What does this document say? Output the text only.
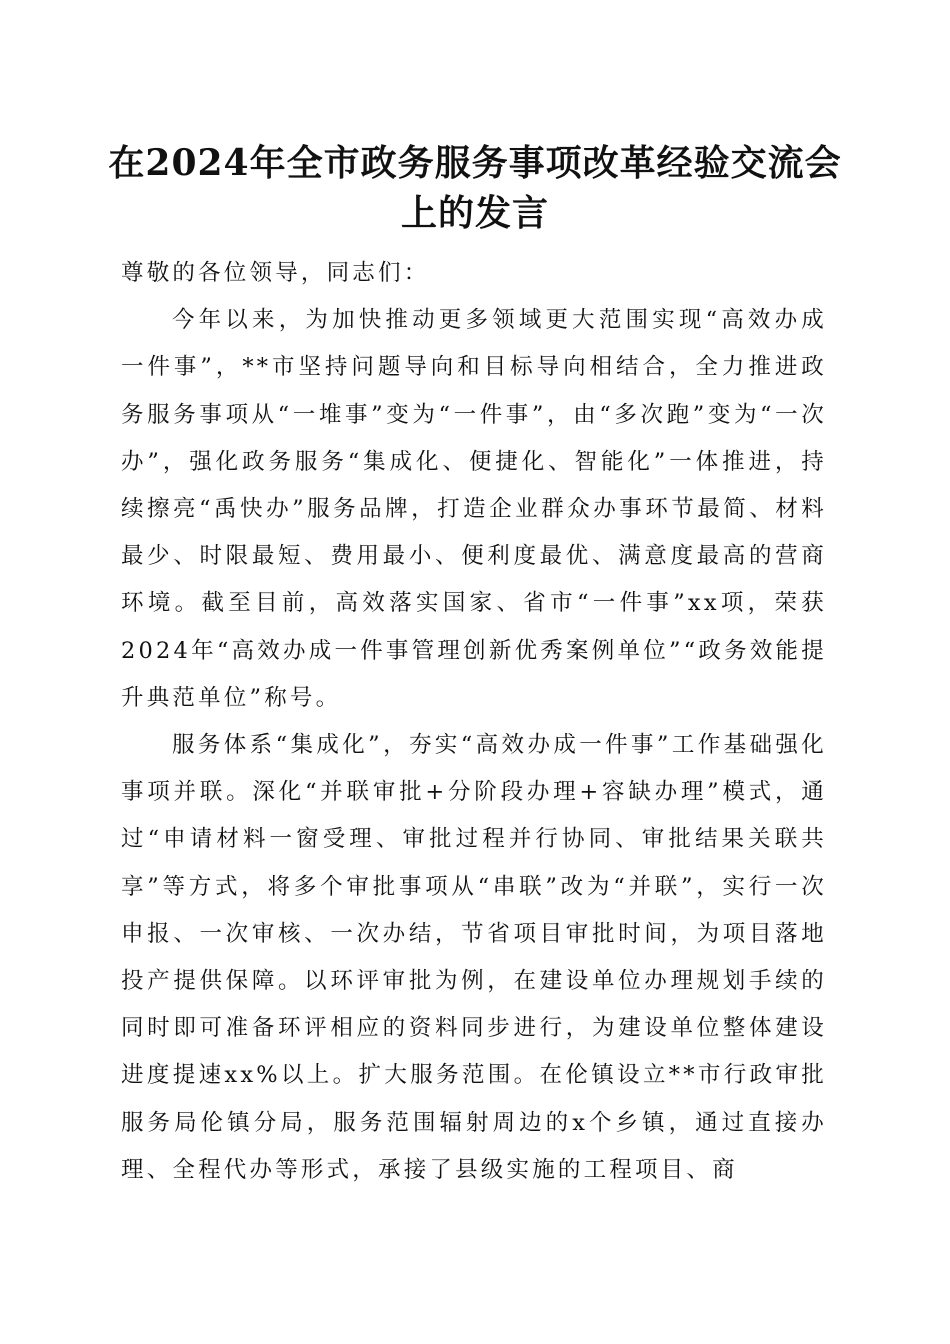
在2024年全市政务服务事项改革经验交流会
上的发言

尊敬的各位领导，同志们：

今年以来，为加快推动更多领域更大范围实现“高效办成一件事”，**市坚持问题导向和目标导向相结合，全力推进政务服务事项从“一堆事”变为“一件事”，由“多次跑”变为“一次办”，强化政务服务“集成化、便捷化、智能化”一体推进，持续擦亮“禹快办”服务品牌，打造企业群众办事环节最简、材料最少、时限最短、费用最小、便利度最优、满意度最高的营商环境。截至目前，高效落实国家、省市“一件事”xx项，荣获2024年“高效办成一件事管理创新优秀案例单位”“政务效能提升典范单位”称号。

服务体系“集成化”，夯实“高效办成一件事”工作基础强化事项并联。深化“并联审批+分阶段办理+容缺办理”模式，通过“申请材料一窗受理、审批过程并行协同、审批结果关联共享”等方式，将多个审批事项从“串联”改为“并联”，实行一次申报、一次审核、一次办结，节省项目审批时间，为项目落地投产提供保障。以环评审批为例，在建设单位办理规划手续的同时即可准备环评相应的资料同步进行，为建设单位整体建设进度提速xx%以上。扩大服务范围。在伦镇设立**市行政审批服务局伦镇分局，服务范围辐射周边的x个乡镇，通过直接办理、全程代办等形式，承接了县级实施的工程项目、商
